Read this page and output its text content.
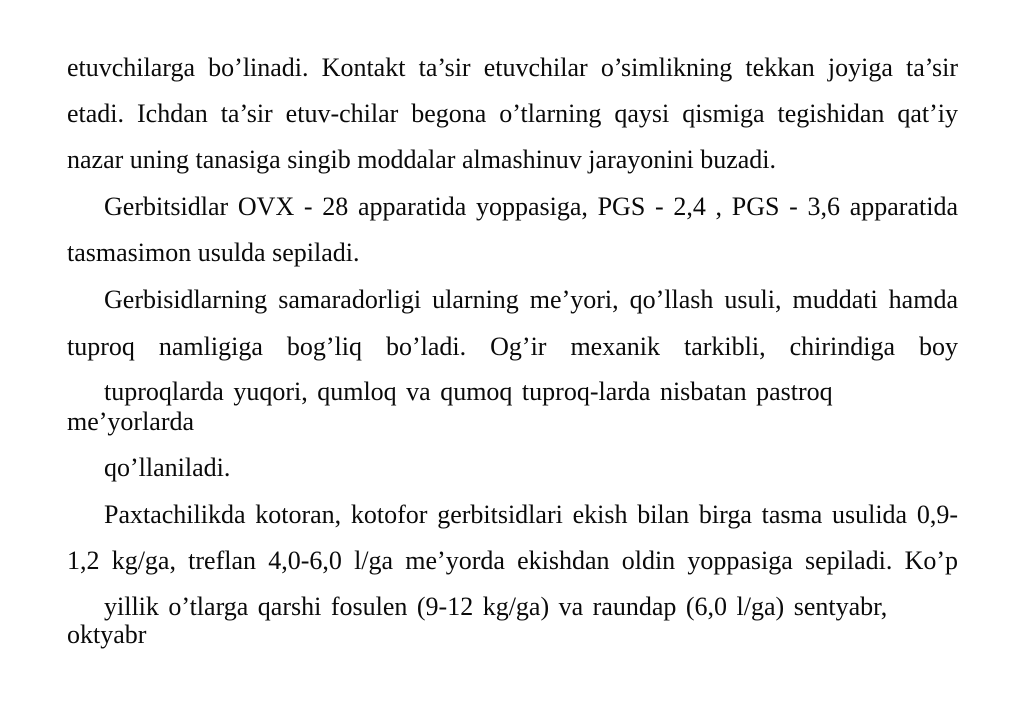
etuvchilarga bo’linadi. Kontakt ta’sir etuvchilar o’simlikning tekkan joyiga ta’sir
etadi. Ichdan ta’sir etuv-chilar begona o’tlarning qaysi qismiga tegishidan qat’iy
nazar uning tanasiga singib moddalar almashinuv jarayonini buzadi.
Gerbitsidlar OVX - 28 apparatida yoppasiga, PGS - 2,4 , PGS - 3,6 apparatida
tasmasimon usulda sepiladi.
Gerbisidlarning samaradorligi ularning me’yori, qo’llash usuli, muddati hamda
tuproq namligiga bog’liq bo’ladi. Og’ir mexanik tarkibli, chirindiga boy
tuproqlarda yuqori, qumloq va qumoq tuproq-larda nisbatan pastroq
me’yorlarda
qo’llaniladi.
Paxtachilikda kotoran, kotofor gerbitsidlari ekish bilan birga tasma usulida 0,9-
1,2 kg/ga, treflan 4,0-6,0 l/ga me’yorda ekishdan oldin yoppasiga sepiladi. Ko’p
yillik o’tlarga qarshi fosulen (9-12 kg/ga) va raundap (6,0 l/ga) sentyabr,
oktyabr
